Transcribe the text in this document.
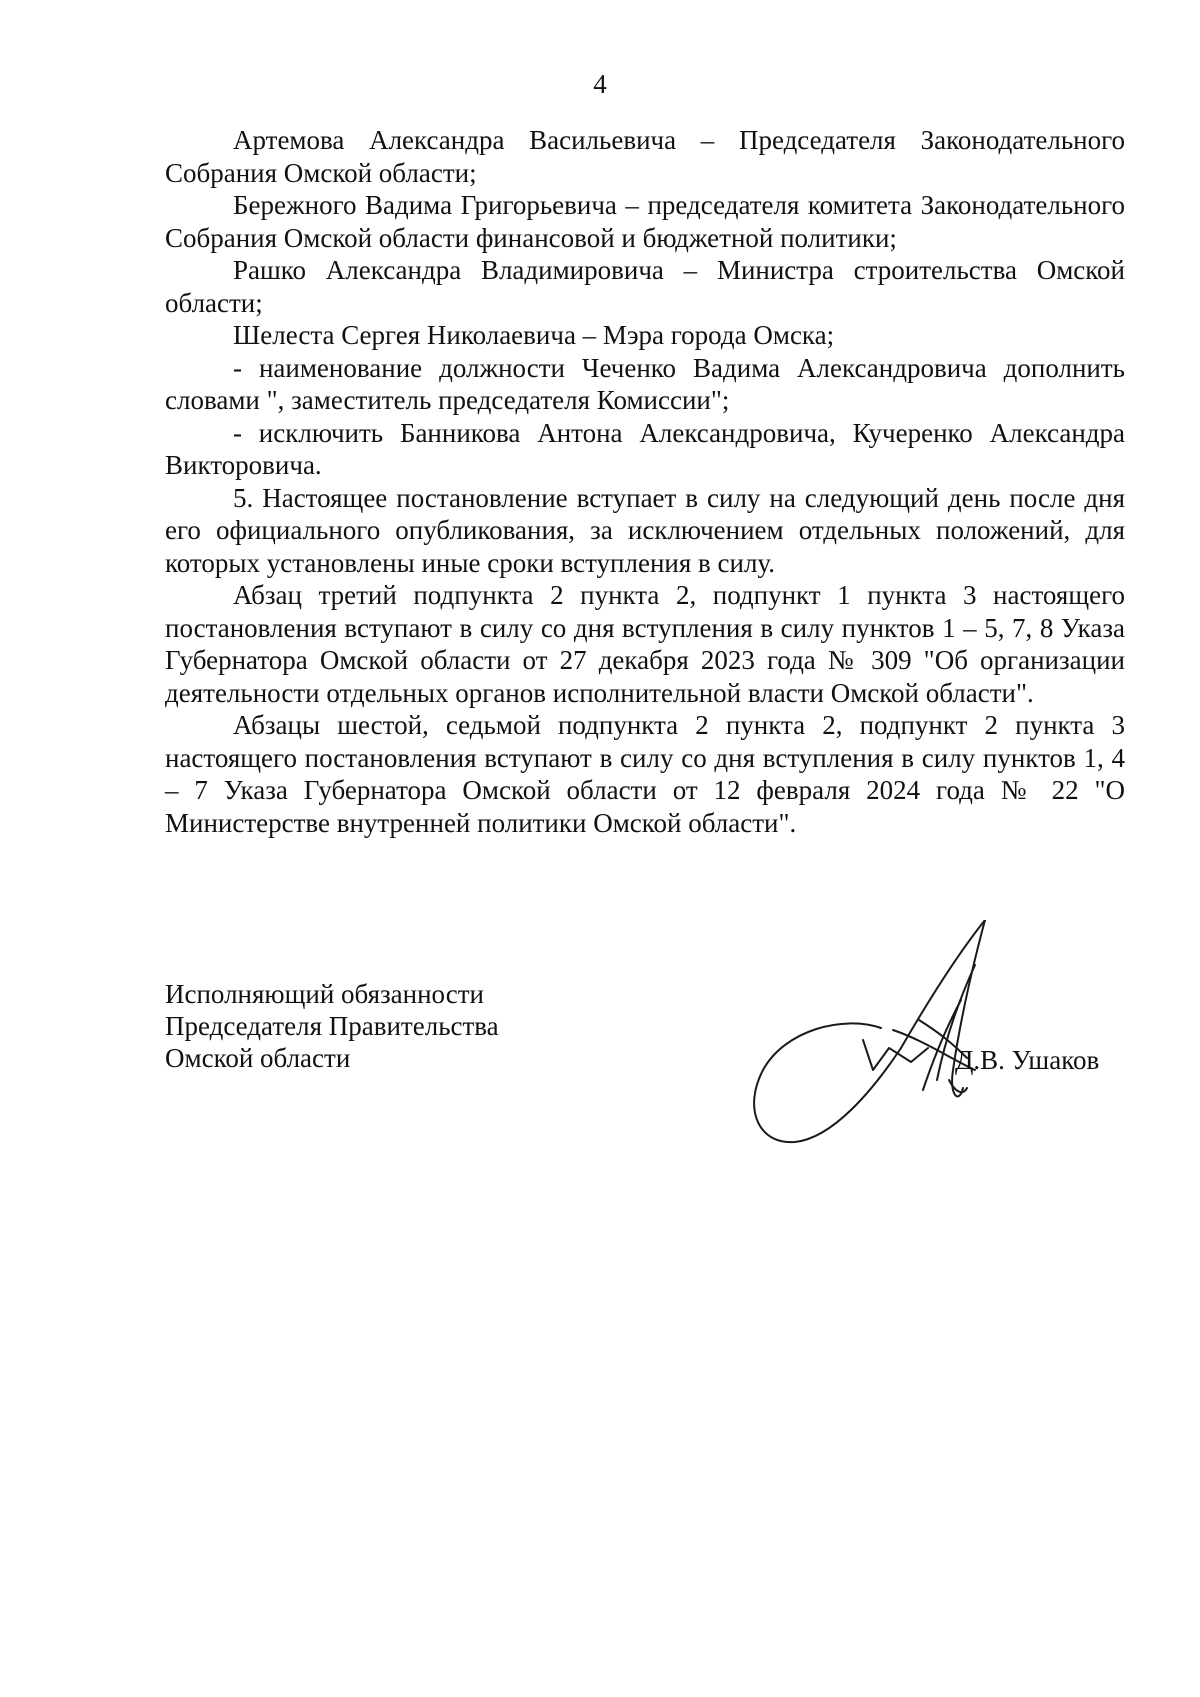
4

Артемова Александра Васильевича – Председателя Законодательного Собрания Омской области;

Бережного Вадима Григорьевича – председателя комитета Законодательного Собрания Омской области финансовой и бюджетной политики;

Рашко Александра Владимировича – Министра строительства Омской области;

Шелеста Сергея Николаевича – Мэра города Омска;

- наименование должности Чеченко Вадима Александровича дополнить словами ", заместитель председателя Комиссии";

- исключить Банникова Антона Александровича, Кучеренко Александра Викторовича.

5. Настоящее постановление вступает в силу на следующий день после дня его официального опубликования, за исключением отдельных положений, для которых установлены иные сроки вступления в силу.

Абзац третий подпункта 2 пункта 2, подпункт 1 пункта 3 настоящего постановления вступают в силу со дня вступления в силу пунктов 1 – 5, 7, 8 Указа Губернатора Омской области от 27 декабря 2023 года № 309 "Об организации деятельности отдельных органов исполнительной власти Омской области".

Абзацы шестой, седьмой подпункта 2 пункта 2, подпункт 2 пункта 3 настоящего постановления вступают в силу со дня вступления в силу пунктов 1, 4 – 7 Указа Губернатора Омской области от 12 февраля 2024 года № 22 "О Министерстве внутренней политики Омской области".

Исполняющий обязанности
Председателя Правительства
Омской области	Д.В. Ушаков
